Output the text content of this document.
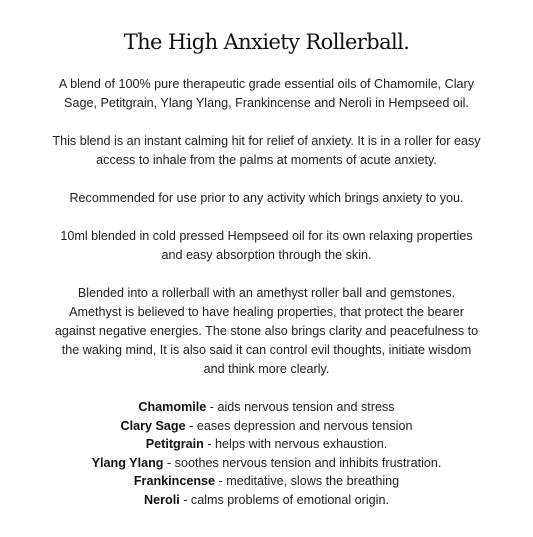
The High Anxiety Rollerball.

A blend of 100% pure therapeutic grade essential oils of Chamomile, Clary
Sage, Petitgrain, Ylang Ylang, Frankincense and Neroli in Hempseed oil.

This blend is an instant calming hit for relief of anxiety. It is in a roller for easy
access to inhale from the palms at moments of acute anxiety.

Recommended for use prior to any activity which brings anxiety to you.

10ml blended in cold pressed Hempseed oil for its own relaxing properties
and easy absorption through the skin.

Blended into a rollerball with an amethyst roller ball and gemstones.
Amethyst is believed to have healing properties, that protect the bearer
against negative energies. The stone also brings clarity and peacefulness to
the waking mind, It is also said it can control evil thoughts, initiate wisdom
and think more clearly.

Chamomile - aids nervous tension and stress
Clary Sage - eases depression and nervous tension
Petitgrain - helps with nervous exhaustion.
Ylang Ylang - soothes nervous tension and inhibits frustration.
Frankincense - meditative, slows the breathing
Neroli - calms problems of emotional origin.
